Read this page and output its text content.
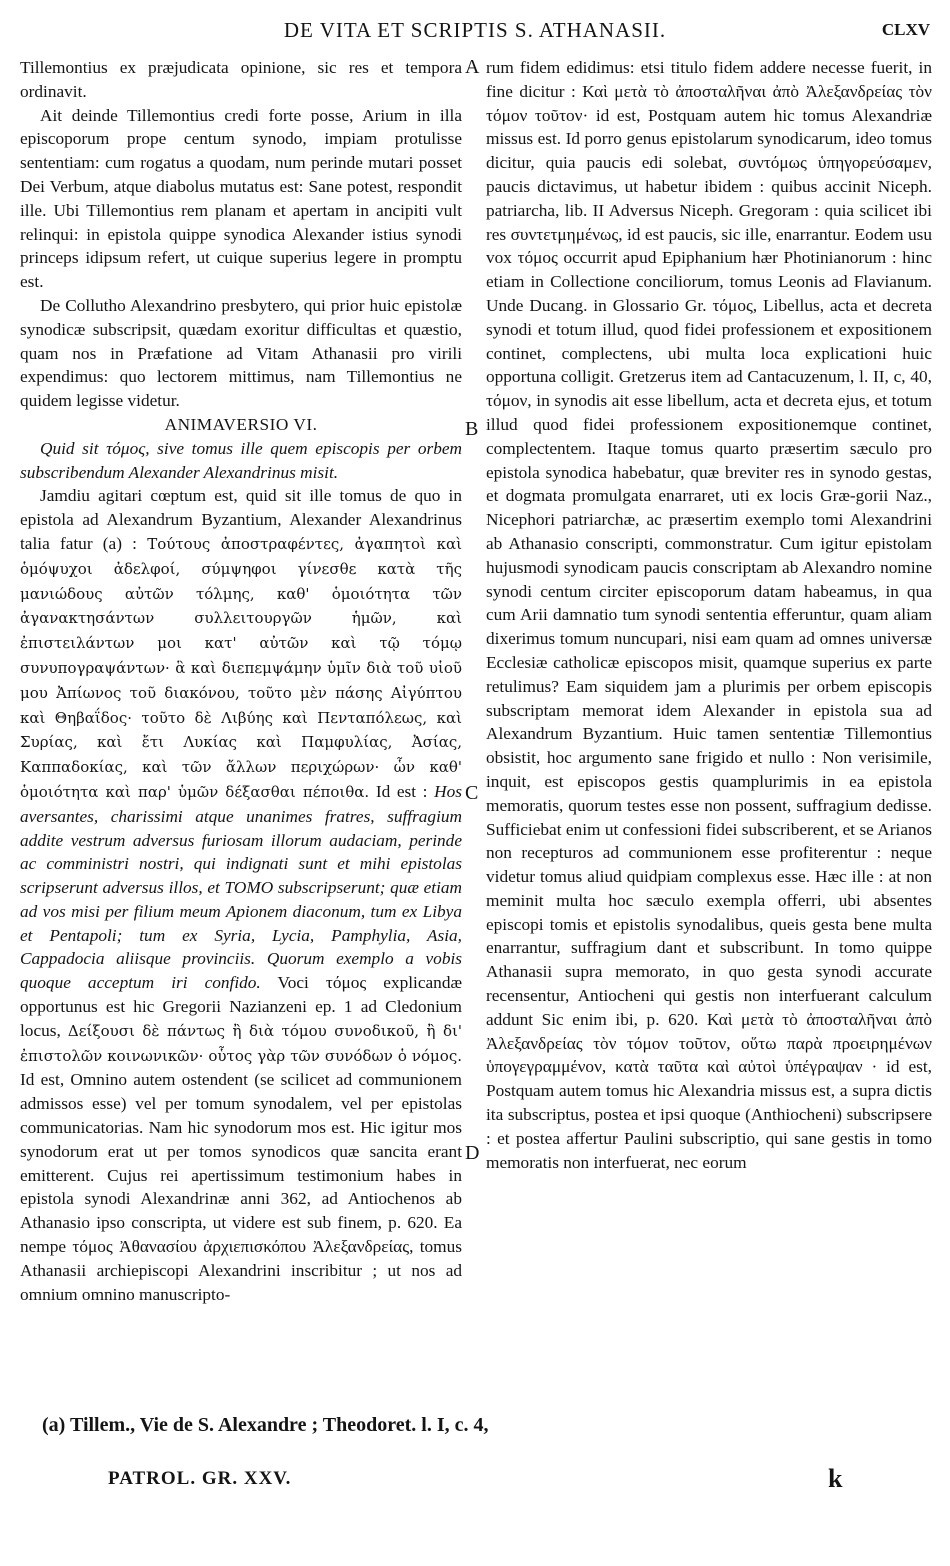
DE VITA ET SCRIPTIS S. ATHANASII.	CLXV

Tillemontius ex præjudicata opinione, sic res et tempora ordinavit.

Ait deinde Tillemontius credi forte posse, Arium in illa episcoporum prope centum synodo, impiam protulisse sententiam: cum rogatus a quodam, num perinde mutari posset Dei Verbum, atque diabolus mutatus est: Sane potest, respondit ille. Ubi Tillemontius rem planam et apertam in ancipiti vult relinqui: in epistola quippe synodica Alexander istius synodi princeps idipsum refert, ut cuique superius legere in promptu est.

De Collutho Alexandrino presbytero, qui prior huic epistolæ synodicæ subscripsit, quædam exoritur difficultas et quæstio, quam nos in Præfatione ad Vitam Athanasii pro virili expendimus: quo lectorem mittimus, nam Tillemontius ne quidem legisse videtur.

ANIMAVERSIO VI.

Quid sit τόμος, sive tomus ille quem episcopis per orbem subscribendum Alexander Alexandrinus misit.

Jamdiu agitari cœptum est, quid sit ille tomus de quo in epistola ad Alexandrum Byzantium, Alexander Alexandrinus talia fatur (a) : Τούτους ἀποστραφέντες, ἀγαπητοὶ καὶ ὁμόψυχοι ἀδελφοί, σύμψηφοι γίνεσθε κατὰ τῆς μανιώδους αὐτῶν τόλμης, καθ' ὁμοιότητα τῶν ἀγανακτησάντων συλλειτουργῶν ἡμῶν, καὶ ἐπιστειλάντων μοι κατ' αὐτῶν καὶ τῷ τόμῳ συνυπογραψάντων· ἃ καὶ διεπεμψάμην ὑμῖν διὰ τοῦ υἱοῦ μου Ἀπίωνος τοῦ διακόνου, τοῦτο μὲν πάσης Αἰγύπτου καὶ Θηβαΐδος· τοῦτο δὲ Λιβύης καὶ Πενταπόλεως, καὶ Συρίας, καὶ ἔτι Λυκίας καὶ Παμφυλίας, Ἀσίας, Καππαδοκίας, καὶ τῶν ἄλλων περιχώρων· ὧν καθ' ὁμοιότητα καὶ παρ' ὑμῶν δέξασθαι πέποιθα. Id est : Hos aversantes, charissimi atque unanimes fratres, suffragium addite vestrum adversus furiosam illorum audaciam, perinde ac comministri nostri, qui indignati sunt et mihi epistolas scripserunt adversus illos, et TOMO subscripserunt; quæ etiam ad vos misi per filium meum Apionem diaconum, tum ex Libya et Pentapoli; tum ex Syria, Lycia, Pamphylia, Asia, Cappadocia aliisque provinciis. Quorum exemplo a vobis quoque acceptum iri confido. Voci τόμος explicandæ opportunus est hic Gregorii Nazianzeni ep. 1 ad Cledonium locus, Δείξουσι δὲ πάντως ἢ διὰ τόμου συνοδικοῦ, ἢ δι' ἐπιστολῶν κοινωνικῶν· οὗτος γὰρ τῶν συνόδων ὁ νόμος. Id est, Omnino autem ostendent (se scilicet ad communionem admissos esse) vel per tomum synodalem, vel per epistolas communicatorias. Nam hic synodorum mos est. Hic igitur mos synodorum erat ut per tomos synodicos quæ sancita erant emitterent. Cujus rei apertissimum testimonium habes in epistola synodi Alexandrinæ anni 362, ad Antiochenos ab Athanasio ipso conscripta, ut videre est sub finem, p. 620. Ea nempe τόμος Ἀθανασίου ἀρχιεπισκόπου Ἀλεξανδρείας, tomus Athanasii archiepiscopi Alexandrini inscribitur ; ut nos ad omnium omnino manuscripto-

A
B
C
D

rum fidem edidimus: etsi titulo fidem addere necesse fuerit, in fine dicitur : Καὶ μετὰ τὸ ἀποσταλῆναι ἀπὸ Ἀλεξανδρείας τὸν τόμον τοῦτον· id est, Postquam autem hic tomus Alexandriæ missus est. Id porro genus epistolarum synodicarum, ideo tomus dicitur, quia paucis edi solebat, συντόμως ὑπηγορεύσαμεν, paucis dictavimus, ut habetur ibidem : quibus accinit Niceph. patriarcha, lib. II Adversus Niceph. Gregoram : quia scilicet ibi res συντετμημένως, id est paucis, sic ille, enarrantur. Eodem usu vox τόμος occurrit apud Epiphanium hær Photinianorum : hinc etiam in Collectione conciliorum, tomus Leonis ad Flavianum. Unde Ducang. in Glossario Gr. τόμος, Libellus, acta et decreta synodi et totum illud, quod fidei professionem et expositionem continet, complectens, ubi multa loca explicationi huic opportuna colligit. Gretzerus item ad Cantacuzenum, l. II, c, 40, τόμον, in synodis ait esse libellum, acta et decreta ejus, et totum illud quod fidei professionem expositionemque continet, complectentem. Itaque tomus quarto præsertim sæculo pro epistola synodica habebatur, quæ breviter res in synodo gestas, et dogmata promulgata enarraret, uti ex locis Græ-gorii Naz., Nicephori patriarchæ, ac præsertim exemplo tomi Alexandrini ab Athanasio conscripti, commonstratur. Cum igitur epistolam hujusmodi synodicam paucis conscriptam ab Alexandro nomine synodi centum circiter episcoporum datam habeamus, in qua cum Arii damnatio tum synodi sententia efferuntur, quam aliam dixerimus tomum nuncupari, nisi eam quam ad omnes universæ Ecclesiæ catholicæ episcopos misit, quamque superius ex parte retulimus? Eam siquidem jam a plurimis per orbem episcopis subscriptam memorat idem Alexander in epistola sua ad Alexandrum Byzantium. Huic tamen sententiæ Tillemontius obsistit, hoc argumento sane frigido et nullo : Non verisimile, inquit, est episcopos gestis quamplurimis in ea epistola memoratis, quorum testes esse non possent, suffragium dedisse. Sufficiebat enim ut confessioni fidei subscriberent, et se Arianos non recepturos ad communionem esse profiterentur : neque videtur tomus aliud quidpiam complexus esse. Hæc ille : at non meminit multa hoc sæculo exempla offerri, ubi absentes episcopi tomis et epistolis synodalibus, queis gesta bene multa enarrantur, suffragium dant et subscribunt. In tomo quippe Athanasii supra memorato, in quo gesta synodi accurate recensentur, Antiocheni qui gestis non interfuerant calculum addunt Sic enim ibi, p. 620. Καὶ μετὰ τὸ ἀποσταλῆναι ἀπὸ Ἀλεξανδρείας τὸν τόμον τοῦτον, οὕτω παρὰ προειρημένων ὑπογεγραμμένον, κατὰ ταῦτα καὶ αὐτοὶ ὑπέγραψαν · id est, Postquam autem tomus hic Alexandria missus est, a supra dictis ita subscriptus, postea et ipsi quoque (Anthiocheni) subscripsere : et postea affertur Paulini subscriptio, qui sane gestis in tomo memoratis non interfuerat, nec eorum

(a) Tillem., Vie de S. Alexandre ; Theodoret. l. I, c. 4,
PATROL. GR. XXV.	k
